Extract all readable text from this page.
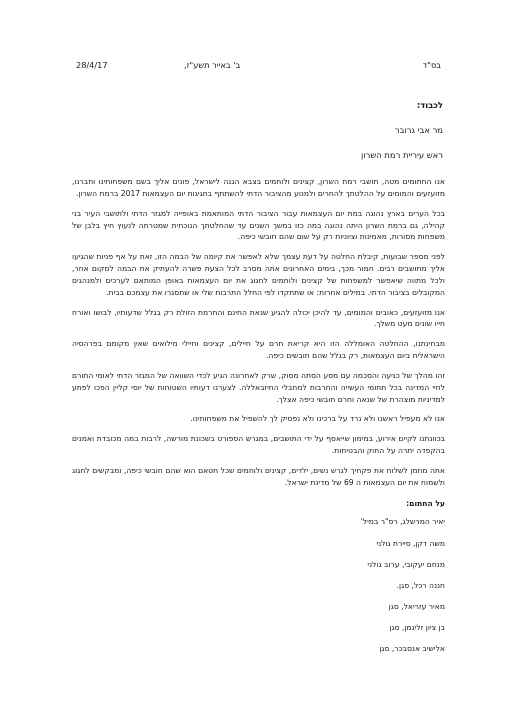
בס"ד
ב' באייר תשע"ז,
28/4/17
לכבוד:
מר אבי גרובר
ראש עיריית רמת השרון

אנו החתומים מטה, תושבי רמת השרון, קצינים ולוחמים בצבא הגנה לישראל, פונים אליך בשם משפחותינו וחברנו, מזועזעים והמומים על ההלטתך להחרים ולמנוע מהציבור הדתי להשתתף בחגיגות יום העצמאות 2017 ברמת השרון.

בכל הערים בארץ נהוגה במת יום העצמאות עבור הציבור הדתי המותאמת באופייה למגזר הדתי ולתושבי העיר בני קהילה, גם ברמת השרון היתה נהוגה במה כזו במשך השנים עד שהחלטתך הנוכחית שמטרתה לנעוץ חיץ בלבן של משפחות מסורות, מאמינות וציוניות רק על שום שהם חובשי כיפה.

לפני מספר שבועות, קיבלת החלטה על דעת עצמך שלא לאפשר את קיומה של הבמה הזו, זאת על אף פניות שהגיעו אליך מתושבים רבים. חמור מכך, בימים האחרונים אתה מסרב לכל הצעת פשרה להעתיק את הבמה למקום אחר, ולכל מתווה שיאפשר למשפחות של קצינים ולוחמים לחגוג את יום העצמאות באופן המותאם לערכים ולמנהגים המקובלים בציבור הדתי. במילים אחרות: או שתתקדו לפי החלל התרבות שלי או שתסגרו את עצמכם בבית.

אנו מזועזעים, כאובים והמומים, עד להיכן יכולה להגיע שנאת החינם והחרמת הזולת רק בגלל שדעותיו, לבושו ואורח חייו שונים מעט משלך.

מבחינתנו, ההחלטה האומללה הזו היא קריאת חרם על חיילים, קצינים וחיילי מילואים שאין מקומם בפרהסיה הישראלית ביום העצמאות, רק בגלל שהם חובשים כיפה.

זהו מהלך של כניעה והסכמה עם מסע הסתה מסוק, שרק לאחרונה הגיע לכדי השוואה של המגזר הדתי לאומי התורם לחיי המדינה בכל תחומי העשייה והתרבות למחבלי החיזבאללה. לצערנו דעותיו השטוחות של יוסי קליין הפכו לפתע למדיניות מוצהרת של שנאה וחרם חובשי כיפה אצלך.

אנו לא מעפיל ראשנו ולא נרד על ברכינו ולא נפסיק לך להשפיל את משפחותינו.

בכוונתנו לקיים אירוע, במימון שייאסף על ידי התושבים, במגרש הספורט בשכונת מורשה, לרבות במה מכובדת ואמנים בהקפדה יתרה על החוק והבטיחות.

אתה מוזמן לשלוח את פקחיך לגרש נשים, ילדים, קצינים ולוחמים שכל חטאם הוא שהם חובשי כיפה, ומבקשים לחגוג ולשמוח את יום העצמאות ה 69 של מדינת ישראל.

על החתום:
יאיר המרשלג, רס"ר במיל'
משה דקן, סיירת גולני
מנחם יעקובי, ערוב גולני
חננה רכל, סגן.
מאיר עזריאל, סגן
בן ציון זליגמן, סגן
אלישיב אנסבכר, סגן
